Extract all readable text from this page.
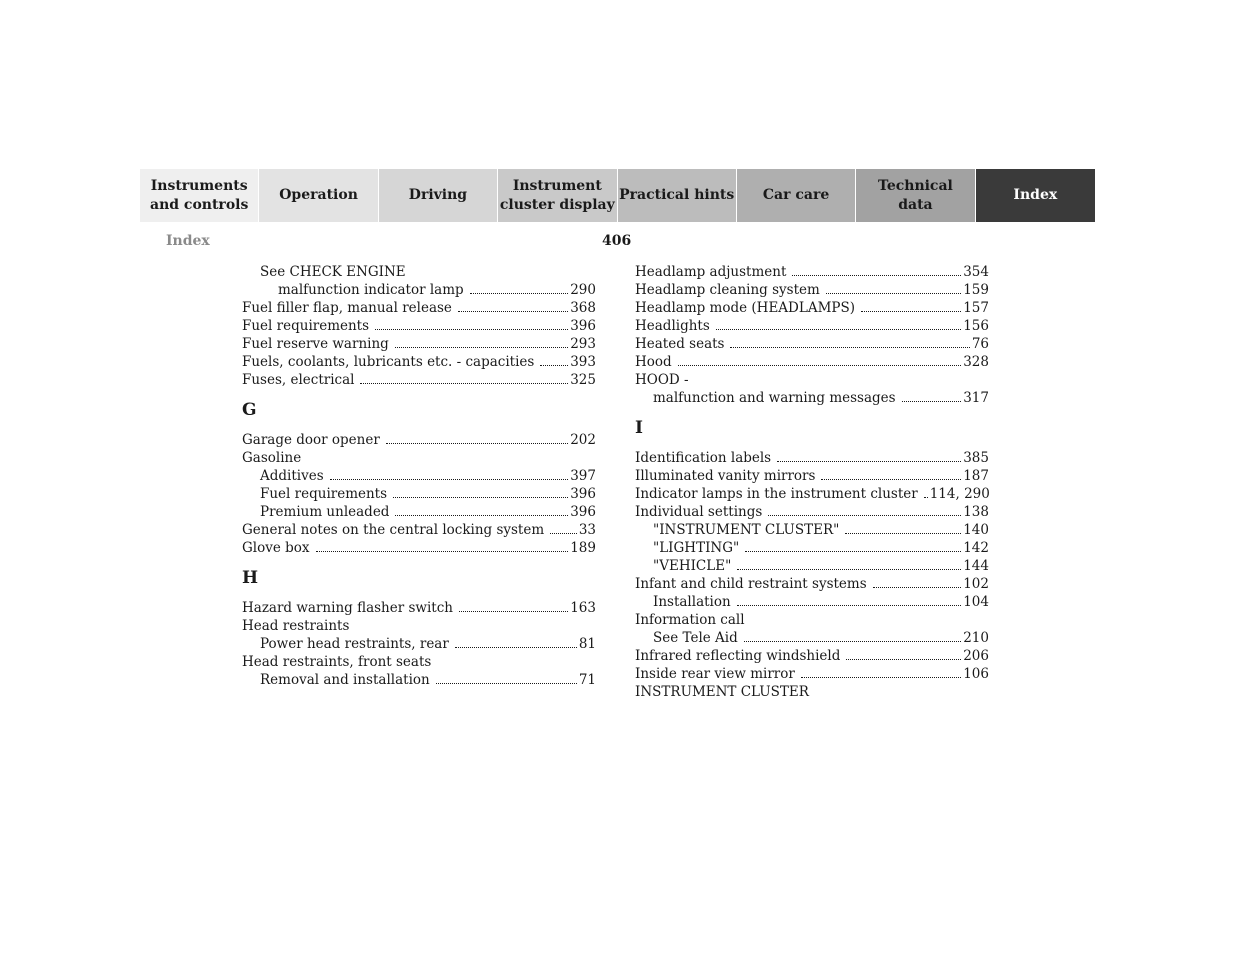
Instruments
and controls
Operation	Driving
Instrument
cluster display
Practical hints Car care
Technical
data
Index
Index	406
See CHECK ENGINE
malfunction indicator lamp	290
Fuel filler flap, manual release	368
Fuel requirements	396
Fuel reserve warning	293
Fuels, coolants, lubricants etc. - capacities	393
Fuses, electrical	325
G
Garage door opener	202
Gasoline
Additives	397
Fuel requirements	396
Premium unleaded	396
General notes on the central locking system	33
Glove box	189
H
Hazard warning flasher switch	163
Head restraints
Power head restraints, rear	81
Head restraints, front seats
Removal and installation	71
Headlamp adjustment	354
Headlamp cleaning system	159
Headlamp mode (HEADLAMPS)	157
Headlights	156
Heated seats	76
Hood	328
HOOD -
malfunction and warning messages	317
I
Identification labels	385
Illuminated vanity mirrors	187
Indicator lamps in the instrument cluster 114, 290
Individual settings	138
"INSTRUMENT CLUSTER"	140
"LIGHTING"	142
"VEHICLE"	144
Infant and child restraint systems	102
Installation	104
Information call
See Tele Aid	210
Infrared reflecting windshield	206
Inside rear view mirror	106
INSTRUMENT CLUSTER
